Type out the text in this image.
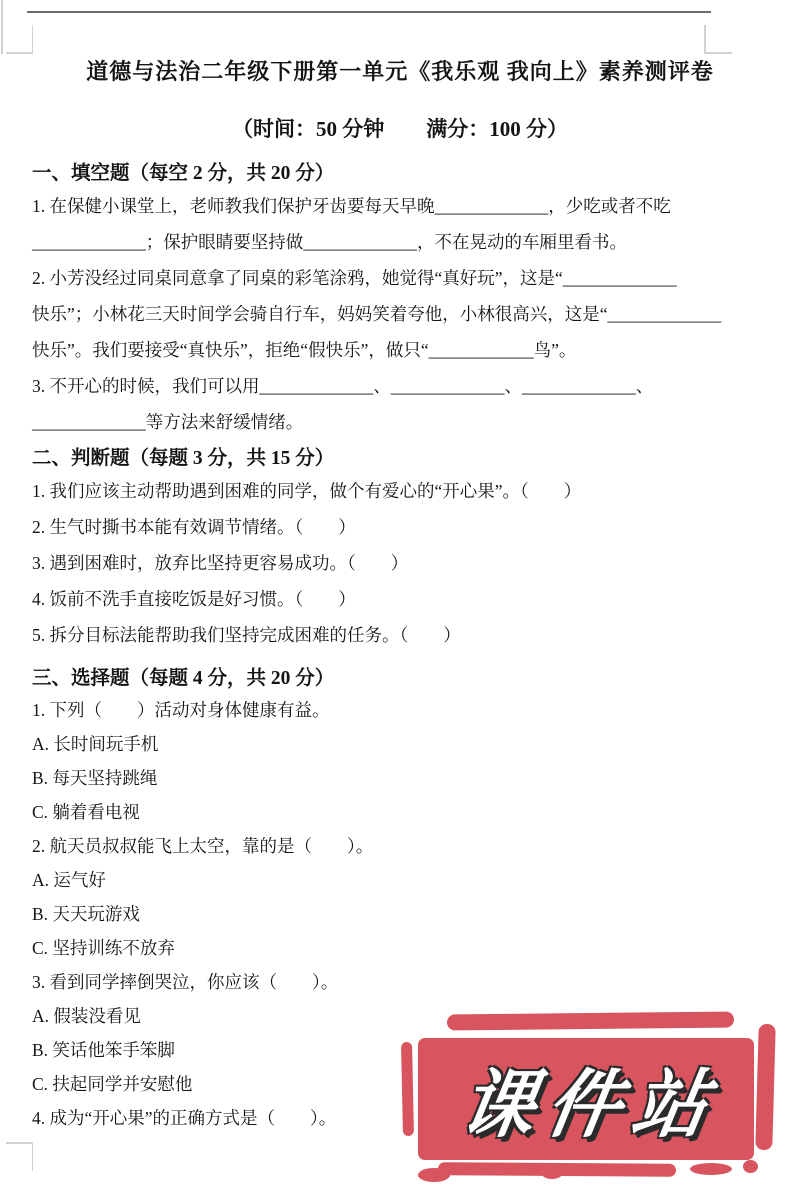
道德与法治二年级下册第一单元《我乐观 我向上》素养测评卷
（时间：50 分钟　　满分：100 分）
一、填空题（每空 2 分，共 20 分）
1. 在保健小课堂上，老师教我们保护牙齿要每天早晚_____________，少吃或者不吃
_____________；保护眼睛要坚持做_____________，不在晃动的车厢里看书。
2. 小芳没经过同桌同意拿了同桌的彩笔涂鸦，她觉得“真好玩”，这是“_____________
快乐”；小林花三天时间学会骑自行车，妈妈笑着夸他，小林很高兴，这是“_____________
快乐”。我们要接受“真快乐”，拒绝“假快乐”，做只“____________鸟”。
3. 不开心的时候，我们可以用_____________、_____________、_____________、
_____________等方法来舒缓情绪。
二、判断题（每题 3 分，共 15 分）
1. 我们应该主动帮助遇到困难的同学，做个有爱心的“开心果”。（　　）
2. 生气时撕书本能有效调节情绪。（　　）
3. 遇到困难时，放弃比坚持更容易成功。（　　）
4. 饭前不洗手直接吃饭是好习惯。（　　）
5. 拆分目标法能帮助我们坚持完成困难的任务。（　　）
三、选择题（每题 4 分，共 20 分）
1. 下列（　　）活动对身体健康有益。
A. 长时间玩手机
B. 每天坚持跳绳
C. 躺着看电视
2. 航天员叔叔能飞上太空，靠的是（　　）。
A. 运气好
B. 天天玩游戏
C. 坚持训练不放弃
3. 看到同学摔倒哭泣，你应该（　　）。
A. 假装没看见
B. 笑话他笨手笨脚
C. 扶起同学并安慰他
4. 成为“开心果”的正确方式是（　　）。	课件站
